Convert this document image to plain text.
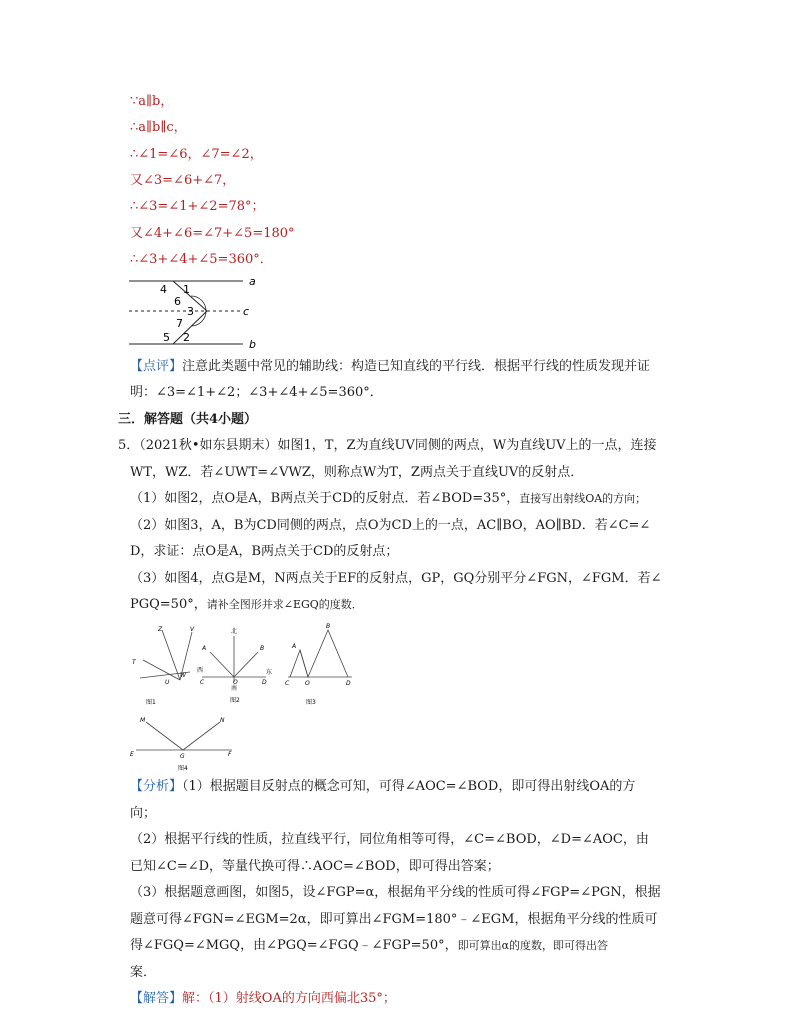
∵a∥b，
∴a∥b∥c，
∴∠1=∠6，∠7=∠2，
又∠3=∠6+∠7，
∴∠3=∠1+∠2=78°；
又∠4+∠6=∠7+∠5=180°
∴∠3+∠4+∠5=360°．
a
c
b
4 1
6
3
7
5 2
【点评】注意此类题中常见的辅助线：构造已知直线的平行线．根据平行线的性质发现并证
明：∠3=∠1+∠2；∠3+∠4+∠5=360°．
三．解答题（共4小题）
5．（2021秋•如东县期末）如图1，T，Z为直线UV同侧的两点，W为直线UV上的一点，连接
WT，WZ．若∠UWT=∠VWZ，则称点W为T，Z两点关于直线UV的反射点．
（1）如图2，点O是A，B两点关于CD的反射点．若∠BOD=35°，直接写出射线OA的方向；
（2）如图3，A，B为CD同侧的两点，点O为CD上的一点，AC∥BO，AO∥BD．若∠C=∠
D，求证：点O是A，B两点关于CD的反射点；
（3）如图4，点G是M，N两点关于EF的反射点，GP，GQ分别平分∠FGN，∠FGM．若∠
PGQ=50°，请补全图形并求∠EGQ的度数．
Z	V
T
W
U
图1
北
A	B
西	东
C	O	D
南
图2
B
A
C	O	D
图3
M	N
E	G	F
图4
【分析】（1）根据题目反射点的概念可知，可得∠AOC=∠BOD，即可得出射线OA的方
向；
（2）根据平行线的性质，拉直线平行，同位角相等可得，∠C=∠BOD，∠D=∠AOC，由
已知∠C=∠D，等量代换可得∴AOC=∠BOD，即可得出答案；
（3）根据题意画图，如图5，设∠FGP=α，根据角平分线的性质可得∠FGP=∠PGN，根据
题意可得∠FGN=∠EGM=2α，即可算出∠FGM=180°﹣∠EGM，根据角平分线的性质可
得∠FGQ=∠MGQ，由∠PGQ=∠FGQ﹣∠FGP=50°，即可算出α的度数，即可得出答
案．
【解答】解：（1）射线OA的方向西偏北35°；
